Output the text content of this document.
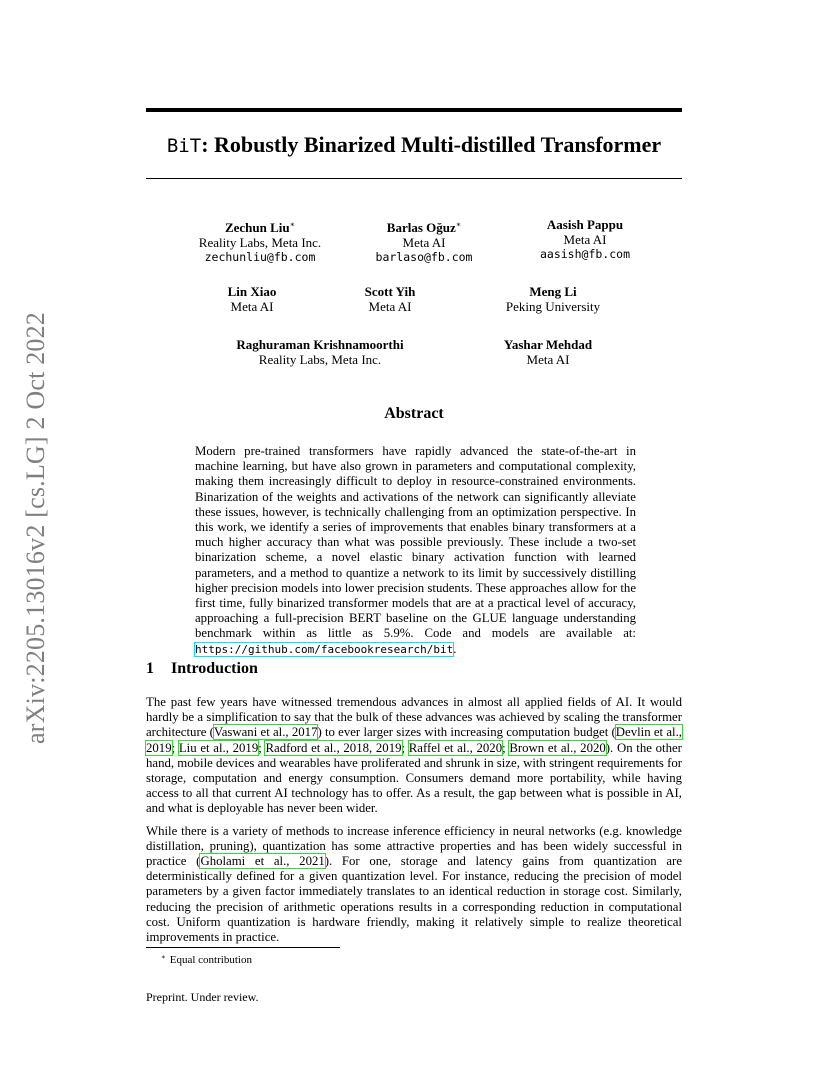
arXiv:2205.13016v2 [cs.LG] 2 Oct 2022
BiT: Robustly Binarized Multi-distilled Transformer
Zechun Liu∗
Reality Labs, Meta Inc.
zechunliu@fb.com
Barlas Oğuz∗
Meta AI
barlaso@fb.com
Aasish Pappu
Meta AI
aasish@fb.com
Lin Xiao
Meta AI
Scott Yih
Meta AI
Meng Li
Peking University
Raghuraman Krishnamoorthi
Reality Labs, Meta Inc.
Yashar Mehdad
Meta AI
Abstract

Modern pre-trained transformers have rapidly advanced the state-of-the-art in machine learning, but have also grown in parameters and computational complexity, making them increasingly difficult to deploy in resource-constrained environments. Binarization of the weights and activations of the network can significantly alleviate these issues, however, is technically challenging from an optimization perspective. In this work, we identify a series of improvements that enables binary transformers at a much higher accuracy than what was possible previously. These include a two-set binarization scheme, a novel elastic binary activation function with learned parameters, and a method to quantize a network to its limit by successively distilling higher precision models into lower precision students. These approaches allow for the first time, fully binarized transformer models that are at a practical level of accuracy, approaching a full-precision BERT baseline on the GLUE language understanding benchmark within as little as 5.9%. Code and models are available at: https://github.com/facebookresearch/bit.

1 Introduction

The past few years have witnessed tremendous advances in almost all applied fields of AI. It would hardly be a simplification to say that the bulk of these advances was achieved by scaling the transformer architecture (Vaswani et al., 2017) to ever larger sizes with increasing computation budget (Devlin et al., 2019; Liu et al., 2019; Radford et al., 2018, 2019; Raffel et al., 2020; Brown et al., 2020). On the other hand, mobile devices and wearables have proliferated and shrunk in size, with stringent requirements for storage, computation and energy consumption. Consumers demand more portability, while having access to all that current AI technology has to offer. As a result, the gap between what is possible in AI, and what is deployable has never been wider.

While there is a variety of methods to increase inference efficiency in neural networks (e.g. knowledge distillation, pruning), quantization has some attractive properties and has been widely successful in practice (Gholami et al., 2021). For one, storage and latency gains from quantization are deterministically defined for a given quantization level. For instance, reducing the precision of model parameters by a given factor immediately translates to an identical reduction in storage cost. Similarly, reducing the precision of arithmetic operations results in a corresponding reduction in computational cost. Uniform quantization is hardware friendly, making it relatively simple to realize theoretical improvements in practice.

∗ Equal contribution
Preprint. Under review.
